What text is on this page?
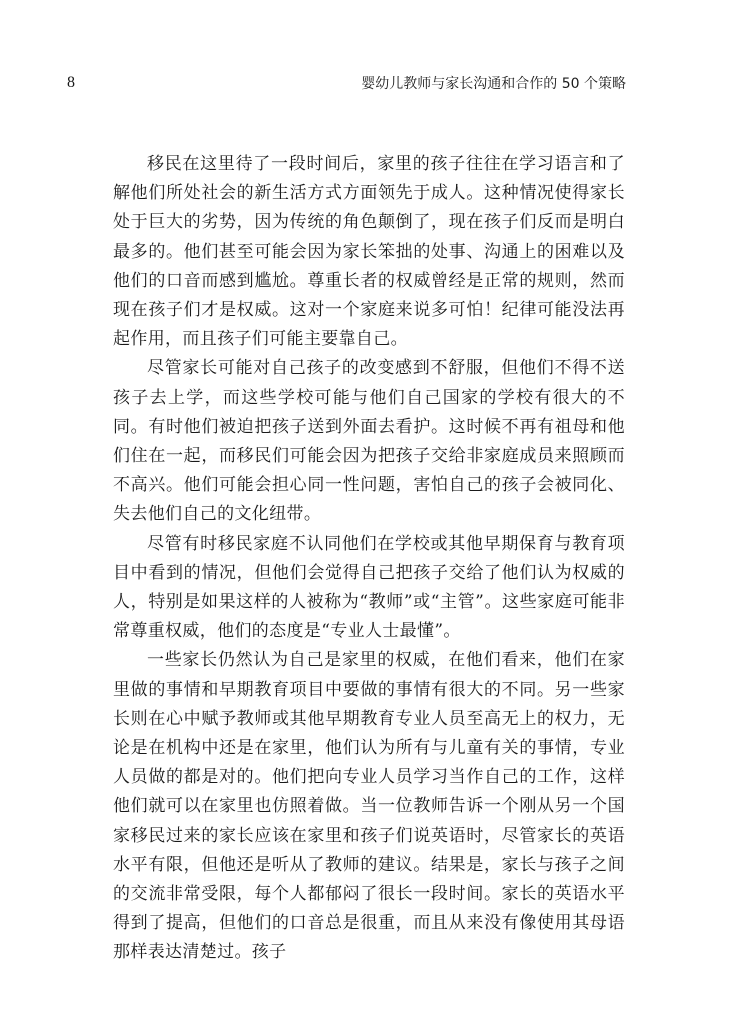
8	婴幼儿教师与家长沟通和合作的 50 个策略

移民在这里待了一段时间后，家里的孩子往往在学习语言和了解他们所处社会的新生活方式方面领先于成人。这种情况使得家长处于巨大的劣势，因为传统的角色颠倒了，现在孩子们反而是明白最多的。他们甚至可能会因为家长笨拙的处事、沟通上的困难以及他们的口音而感到尴尬。尊重长者的权威曾经是正常的规则，然而现在孩子们才是权威。这对一个家庭来说多可怕！纪律可能没法再起作用，而且孩子们可能主要靠自己。

尽管家长可能对自己孩子的改变感到不舒服，但他们不得不送孩子去上学，而这些学校可能与他们自己国家的学校有很大的不同。有时他们被迫把孩子送到外面去看护。这时候不再有祖母和他们住在一起，而移民们可能会因为把孩子交给非家庭成员来照顾而不高兴。他们可能会担心同一性问题，害怕自己的孩子会被同化、失去他们自己的文化纽带。

尽管有时移民家庭不认同他们在学校或其他早期保育与教育项目中看到的情况，但他们会觉得自己把孩子交给了他们认为权威的人，特别是如果这样的人被称为“教师”或“主管”。这些家庭可能非常尊重权威，他们的态度是“专业人士最懂”。

一些家长仍然认为自己是家里的权威，在他们看来，他们在家里做的事情和早期教育项目中要做的事情有很大的不同。另一些家长则在心中赋予教师或其他早期教育专业人员至高无上的权力，无论是在机构中还是在家里，他们认为所有与儿童有关的事情，专业人员做的都是对的。他们把向专业人员学习当作自己的工作，这样他们就可以在家里也仿照着做。当一位教师告诉一个刚从另一个国家移民过来的家长应该在家里和孩子们说英语时，尽管家长的英语水平有限，但他还是听从了教师的建议。结果是，家长与孩子之间的交流非常受限，每个人都郁闷了很长一段时间。家长的英语水平得到了提高，但他们的口音总是很重，而且从来没有像使用其母语那样表达清楚过。孩子
